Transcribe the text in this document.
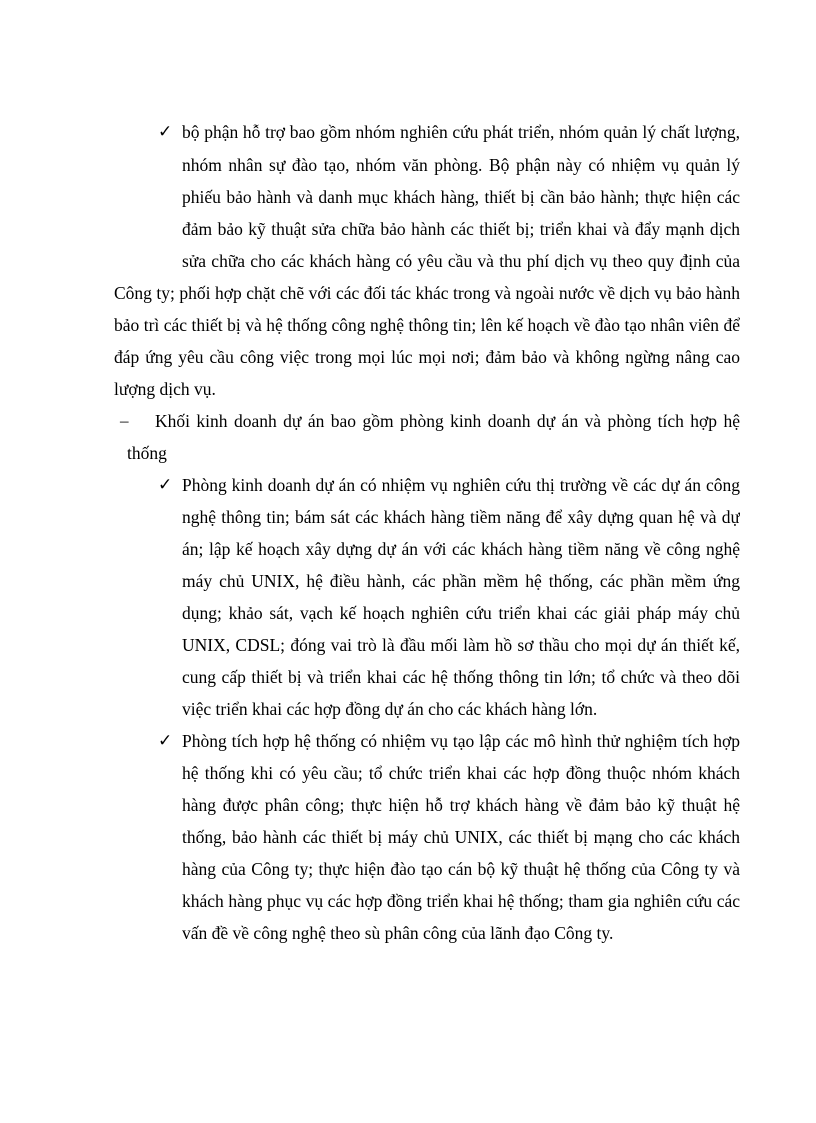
✓ bộ phận hỗ trợ bao gồm nhóm nghiên cứu phát triển, nhóm quản lý chất lượng,
nhóm nhân sự đào tạo, nhóm văn phòng. Bộ phận này có nhiệm vụ quản lý
phiếu bảo hành và danh mục khách hàng, thiết bị cần bảo hành; thực hiện các
đảm bảo kỹ thuật sửa chữa bảo hành các thiết bị; triển khai và đẩy mạnh dịch
sửa chữa cho các khách hàng có yêu cầu và thu phí dịch vụ theo quy định của
Công ty; phối hợp chặt chẽ với các đối tác khác trong và ngoài nước về dịch vụ bảo hành
bảo trì các thiết bị và hệ thống công nghệ thông tin; lên kế hoạch về đào tạo nhân viên để
đáp ứng yêu cầu công việc trong mọi lúc mọi nơi; đảm bảo và không ngừng nâng cao
lượng dịch vụ.
– Khối kinh doanh dự án bao gồm phòng kinh doanh dự án và phòng tích hợp hệ
thống
✓ Phòng kinh doanh dự án có nhiệm vụ nghiên cứu thị trường về các dự án công
nghệ thông tin; bám sát các khách hàng tiềm năng để xây dựng quan hệ và dự
án; lập kế hoạch xây dựng dự án với các khách hàng tiềm năng về công nghệ
máy chủ UNIX, hệ điều hành, các phần mềm hệ thống, các phần mềm ứng
dụng; khảo sát, vạch kế hoạch nghiên cứu triển khai các giải pháp máy chủ
UNIX, CDSL; đóng vai trò là đầu mối làm hồ sơ thầu cho mọi dự án thiết kế,
cung cấp thiết bị và triển khai các hệ thống thông tin lớn; tổ chức và theo dõi
việc triển khai các hợp đồng dự án cho các khách hàng lớn.
✓ Phòng tích hợp hệ thống có nhiệm vụ tạo lập các mô hình thử nghiệm tích hợp
hệ thống khi có yêu cầu; tổ chức triển khai các hợp đồng thuộc nhóm khách
hàng được phân công; thực hiện hỗ trợ khách hàng về đảm bảo kỹ thuật hệ
thống, bảo hành các thiết bị máy chủ UNIX, các thiết bị mạng cho các khách
hàng của Công ty; thực hiện đào tạo cán bộ kỹ thuật hệ thống của Công ty và
khách hàng phục vụ các hợp đồng triển khai hệ thống; tham gia nghiên cứu các
vấn đề về công nghệ theo sù phân công của lãnh đạo Công ty.
